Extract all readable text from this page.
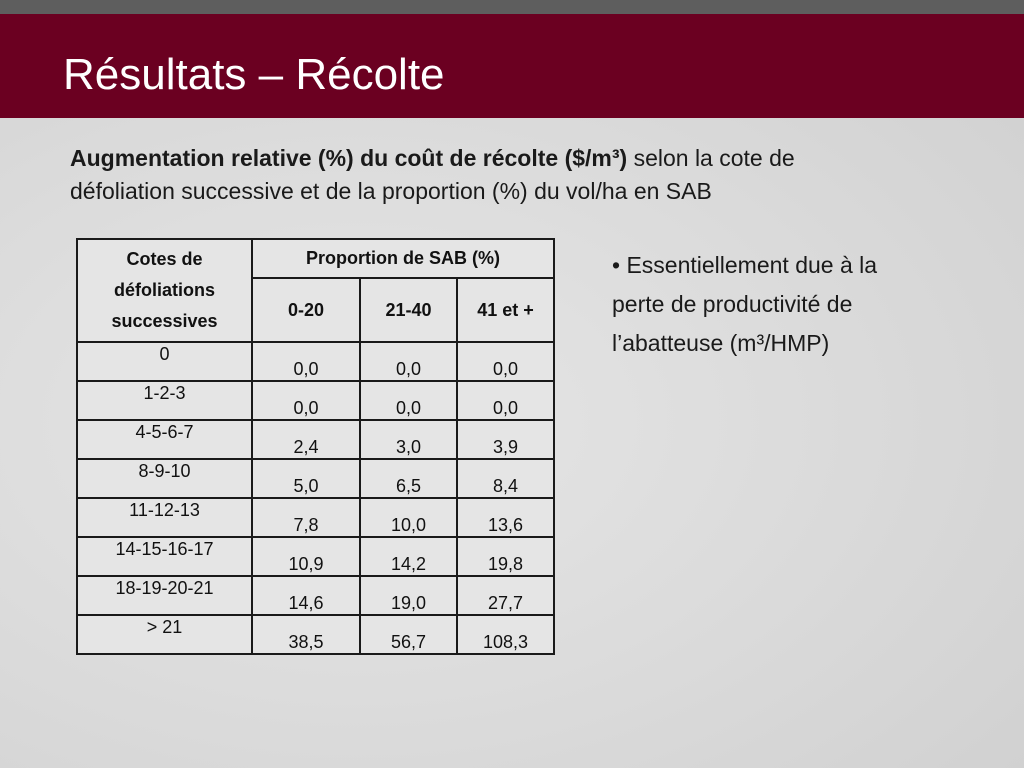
Résultats – Récolte

Augmentation relative (%) du coût de récolte ($/m³) selon la cote de défoliation successive et de la proportion (%) du vol/ha en SAB

Cotes de défoliations successives	Proportion de SAB (%)		
	0-20	21-40	41 et +
0	0,0	0,0	0,0
1-2-3	0,0	0,0	0,0
4-5-6-7	2,4	3,0	3,9
8-9-10	5,0	6,5	8,4
11-12-13	7,8	10,0	13,6
14-15-16-17	10,9	14,2	19,8
18-19-20-21	14,6	19,0	27,7
> 21	38,5	56,7	108,3

• Essentiellement due à la perte de productivité de l’abatteuse (m³/HMP)
